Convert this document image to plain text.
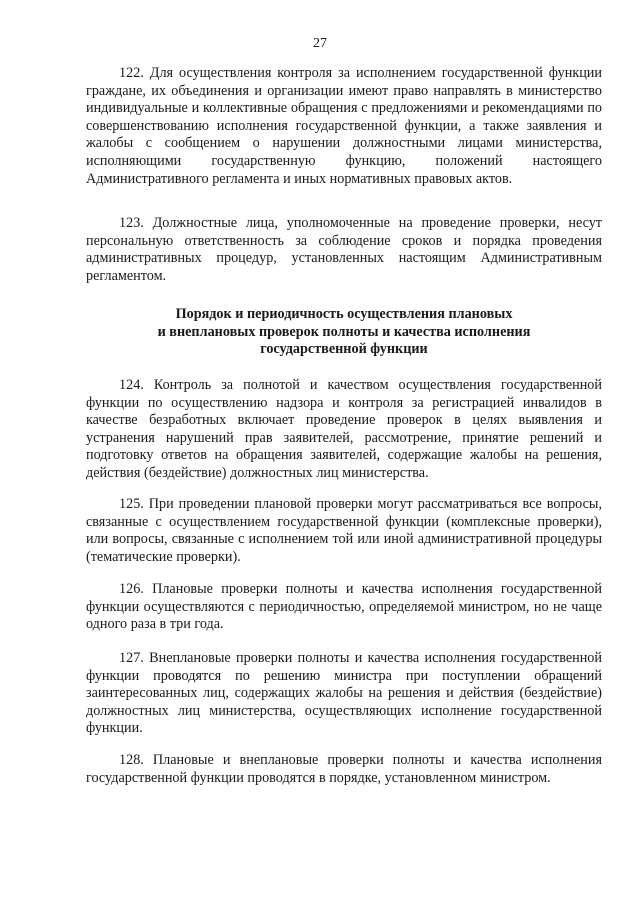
27

122. Для осуществления контроля за исполнением государственной функции граждане, их объединения и организации имеют право направлять в министерство индивидуальные и коллективные обращения с предложениями и рекомендациями по совершенствованию исполнения государственной функции, а также заявления и жалобы с сообщением о нарушении должностными лицами министерства, исполняющими государственную функцию, положений настоящего Административного регламента и иных нормативных правовых актов.

123. Должностные лица, уполномоченные на проведение проверки, несут персональную ответственность за соблюдение сроков и порядка проведения административных процедур, установленных настоящим Административным регламентом.

Порядок и периодичность осуществления плановых
и внеплановых проверок полноты и качества исполнения
государственной функции

124. Контроль за полнотой и качеством осуществления государственной функции по осуществлению надзора и контроля за регистрацией инвалидов в качестве безработных включает проведение проверок в целях выявления и устранения нарушений прав заявителей, рассмотрение, принятие решений и подготовку ответов на обращения заявителей, содержащие жалобы на решения, действия (бездействие) должностных лиц министерства.

125. При проведении плановой проверки могут рассматриваться все вопросы, связанные с осуществлением государственной функции (комплексные проверки), или вопросы, связанные с исполнением той или иной административной процедуры (тематические проверки).

126. Плановые проверки полноты и качества исполнения государственной функции осуществляются с периодичностью, определяемой министром, но не чаще одного раза в три года.

127. Внеплановые проверки полноты и качества исполнения государственной функции проводятся по решению министра при поступлении обращений заинтересованных лиц, содержащих жалобы на решения и действия (бездействие) должностных лиц министерства, осуществляющих исполнение государственной функции.

128. Плановые и внеплановые проверки полноты и качества исполнения государственной функции проводятся в порядке, установленном министром.
